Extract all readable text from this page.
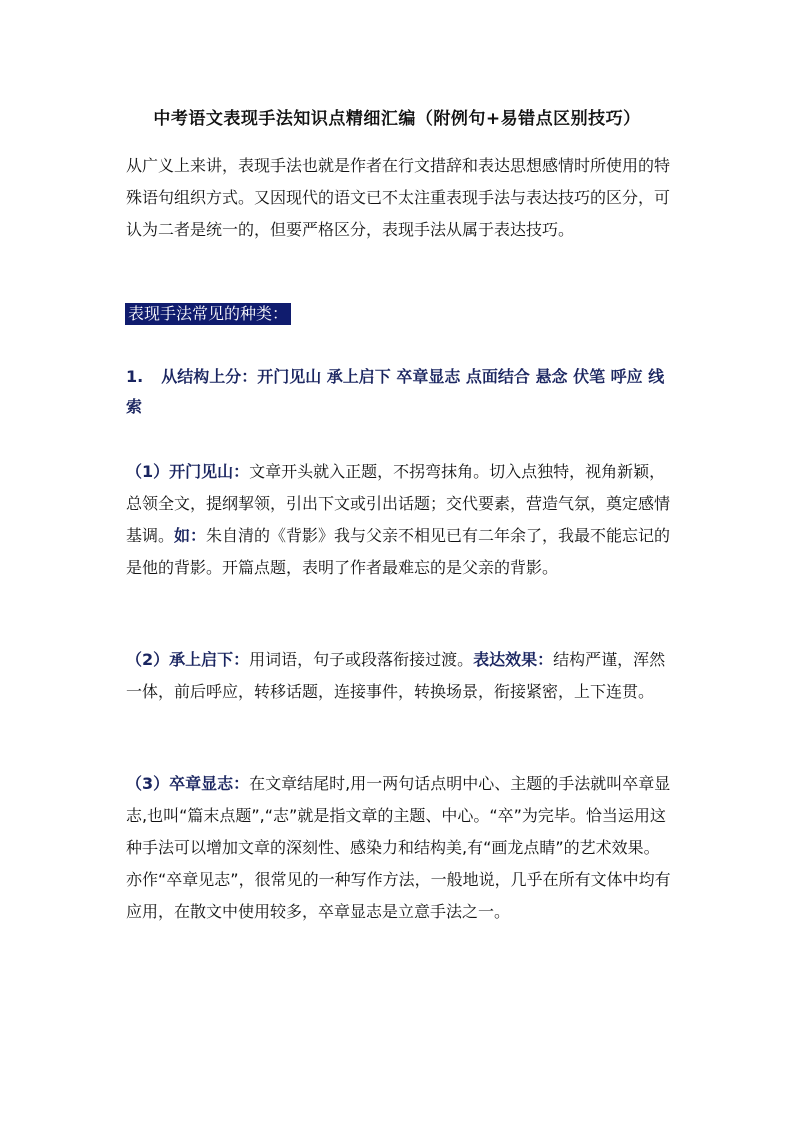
中考语文表现手法知识点精细汇编（附例句+易错点区别技巧）
从广义上来讲，表现手法也就是作者在行文措辞和表达思想感情时所使用的特殊语句组织方式。又因现代的语文已不太注重表现手法与表达技巧的区分，可认为二者是统一的，但要严格区分，表现手法从属于表达技巧。
表现手法常见的种类：
1. 从结构上分：开门见山 承上启下 卒章显志 点面结合 悬念 伏笔 呼应 线索
（1）开门见山：文章开头就入正题，不拐弯抹角。切入点独特，视角新颖，总领全文，提纲挈领，引出下文或引出话题；交代要素，营造气氛，奠定感情基调。如：朱自清的《背影》我与父亲不相见已有二年余了，我最不能忘记的是他的背影。开篇点题，表明了作者最难忘的是父亲的背影。
（2）承上启下：用词语，句子或段落衔接过渡。表达效果：结构严谨，浑然一体，前后呼应，转移话题，连接事件，转换场景，衔接紧密，上下连贯。
（3）卒章显志：在文章结尾时,用一两句话点明中心、主题的手法就叫卒章显志,也叫“篇末点题”,“志”就是指文章的主题、中心。“卒”为完毕。恰当运用这种手法可以增加文章的深刻性、感染力和结构美,有“画龙点睛”的艺术效果。亦作“卒章见志”，很常见的一种写作方法，一般地说，几乎在所有文体中均有应用，在散文中使用较多，卒章显志是立意手法之一。
